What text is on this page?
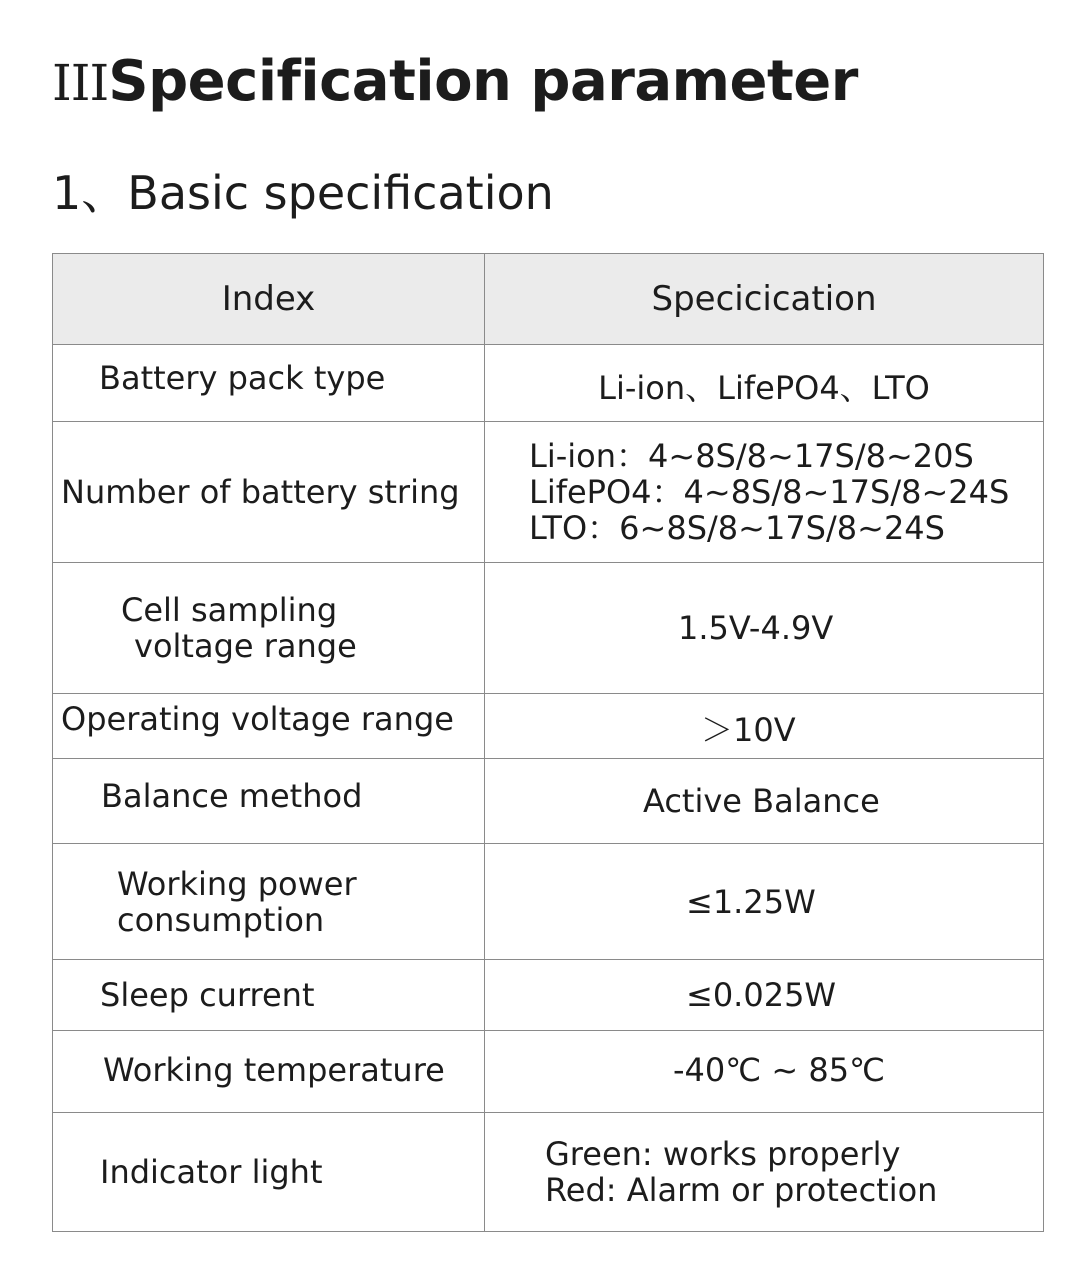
IIISpecification parameter
1、Basic specification
Index	Specicication

Battery pack type	Li-ion、LifePO4、LTO

Number of battery string	Li-ion：4~8S/8~17S/8~20S
LifePO4：4~8S/8~17S/8~24S
LTO：6~8S/8~17S/8~24S

Cell sampling
voltage range	1.5V-4.9V

Operating voltage range	＞10V

Balance method	Active Balance

Working power
consumption	≤1.25W

Sleep current	≤0.025W

Working temperature	-40℃ ~ 85℃

Indicator light	Green: works properly
Red: Alarm or protection
